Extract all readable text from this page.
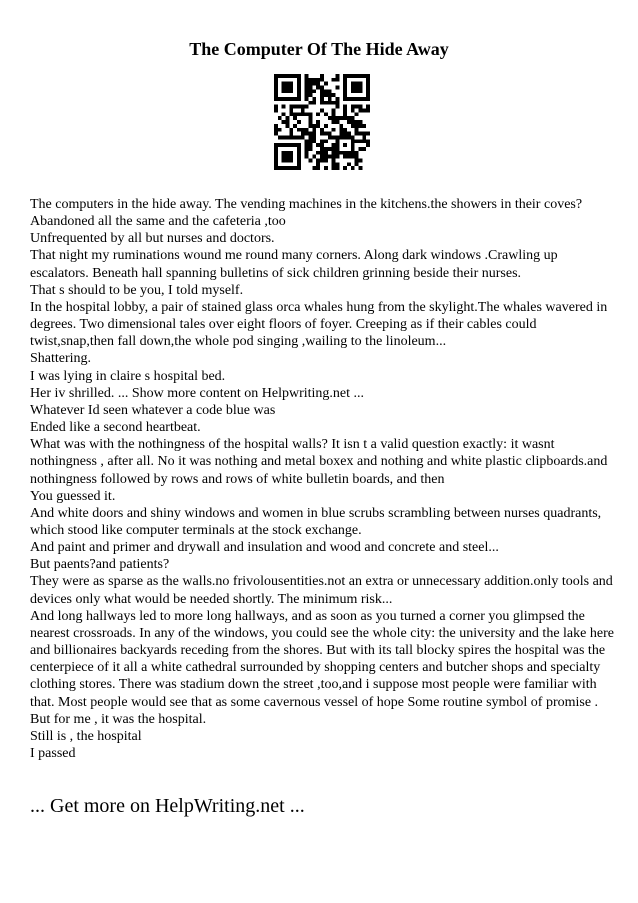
The Computer Of The Hide Away

The computers in the hide away. The vending machines in the kitchens.the showers in their coves? Abandoned all the same and the cafeteria ,too

Unfrequented by all but nurses and doctors.

That night my ruminations wound me round many corners. Along dark windows .Crawling up escalators. Beneath hall spanning bulletins of sick children grinning beside their nurses.

That s should to be you, I told myself.

In the hospital lobby, a pair of stained glass orca whales hung from the skylight.The whales wavered in degrees. Two dimensional tales over eight floors of foyer. Creeping as if their cables could twist,snap,then fall down,the whole pod singing ,wailing to the linoleum...

Shattering.

I was lying in claire s hospital bed.

Her iv shrilled. ... Show more content on Helpwriting.net ...

Whatever Id seen whatever a code blue was

Ended like a second heartbeat.

What was with the nothingness of the hospital walls? It isn t a valid question exactly: it wasnt nothingness , after all. No it was nothing and metal boxex and nothing and white plastic clipboards.and nothingness followed by rows and rows of white bulletin boards, and then

You guessed it.

And white doors and shiny windows and women in blue scrubs scrambling between nurses quadrants, which stood like computer terminals at the stock exchange.

And paint and primer and drywall and insulation and wood and concrete and steel...

But paents?and patients?

They were as sparse as the walls.no frivolousentities.not an extra or unnecessary addition.only tools and devices only what would be needed shortly. The minimum risk...

And long hallways led to more long hallways, and as soon as you turned a corner you glimpsed the nearest crossroads. In any of the windows, you could see the whole city: the university and the lake here and billionaires backyards receding from the shores. But with its tall blocky spires the hospital was the centerpiece of it all a white cathedral surrounded by shopping centers and butcher shops and specialty clothing stores. There was stadium down the street ,too,and i suppose most people were familiar with that. Most people would see that as some cavernous vessel of hope Some routine symbol of promise .

But for me , it was the hospital.

Still is , the hospital

I passed

... Get more on HelpWriting.net ...
